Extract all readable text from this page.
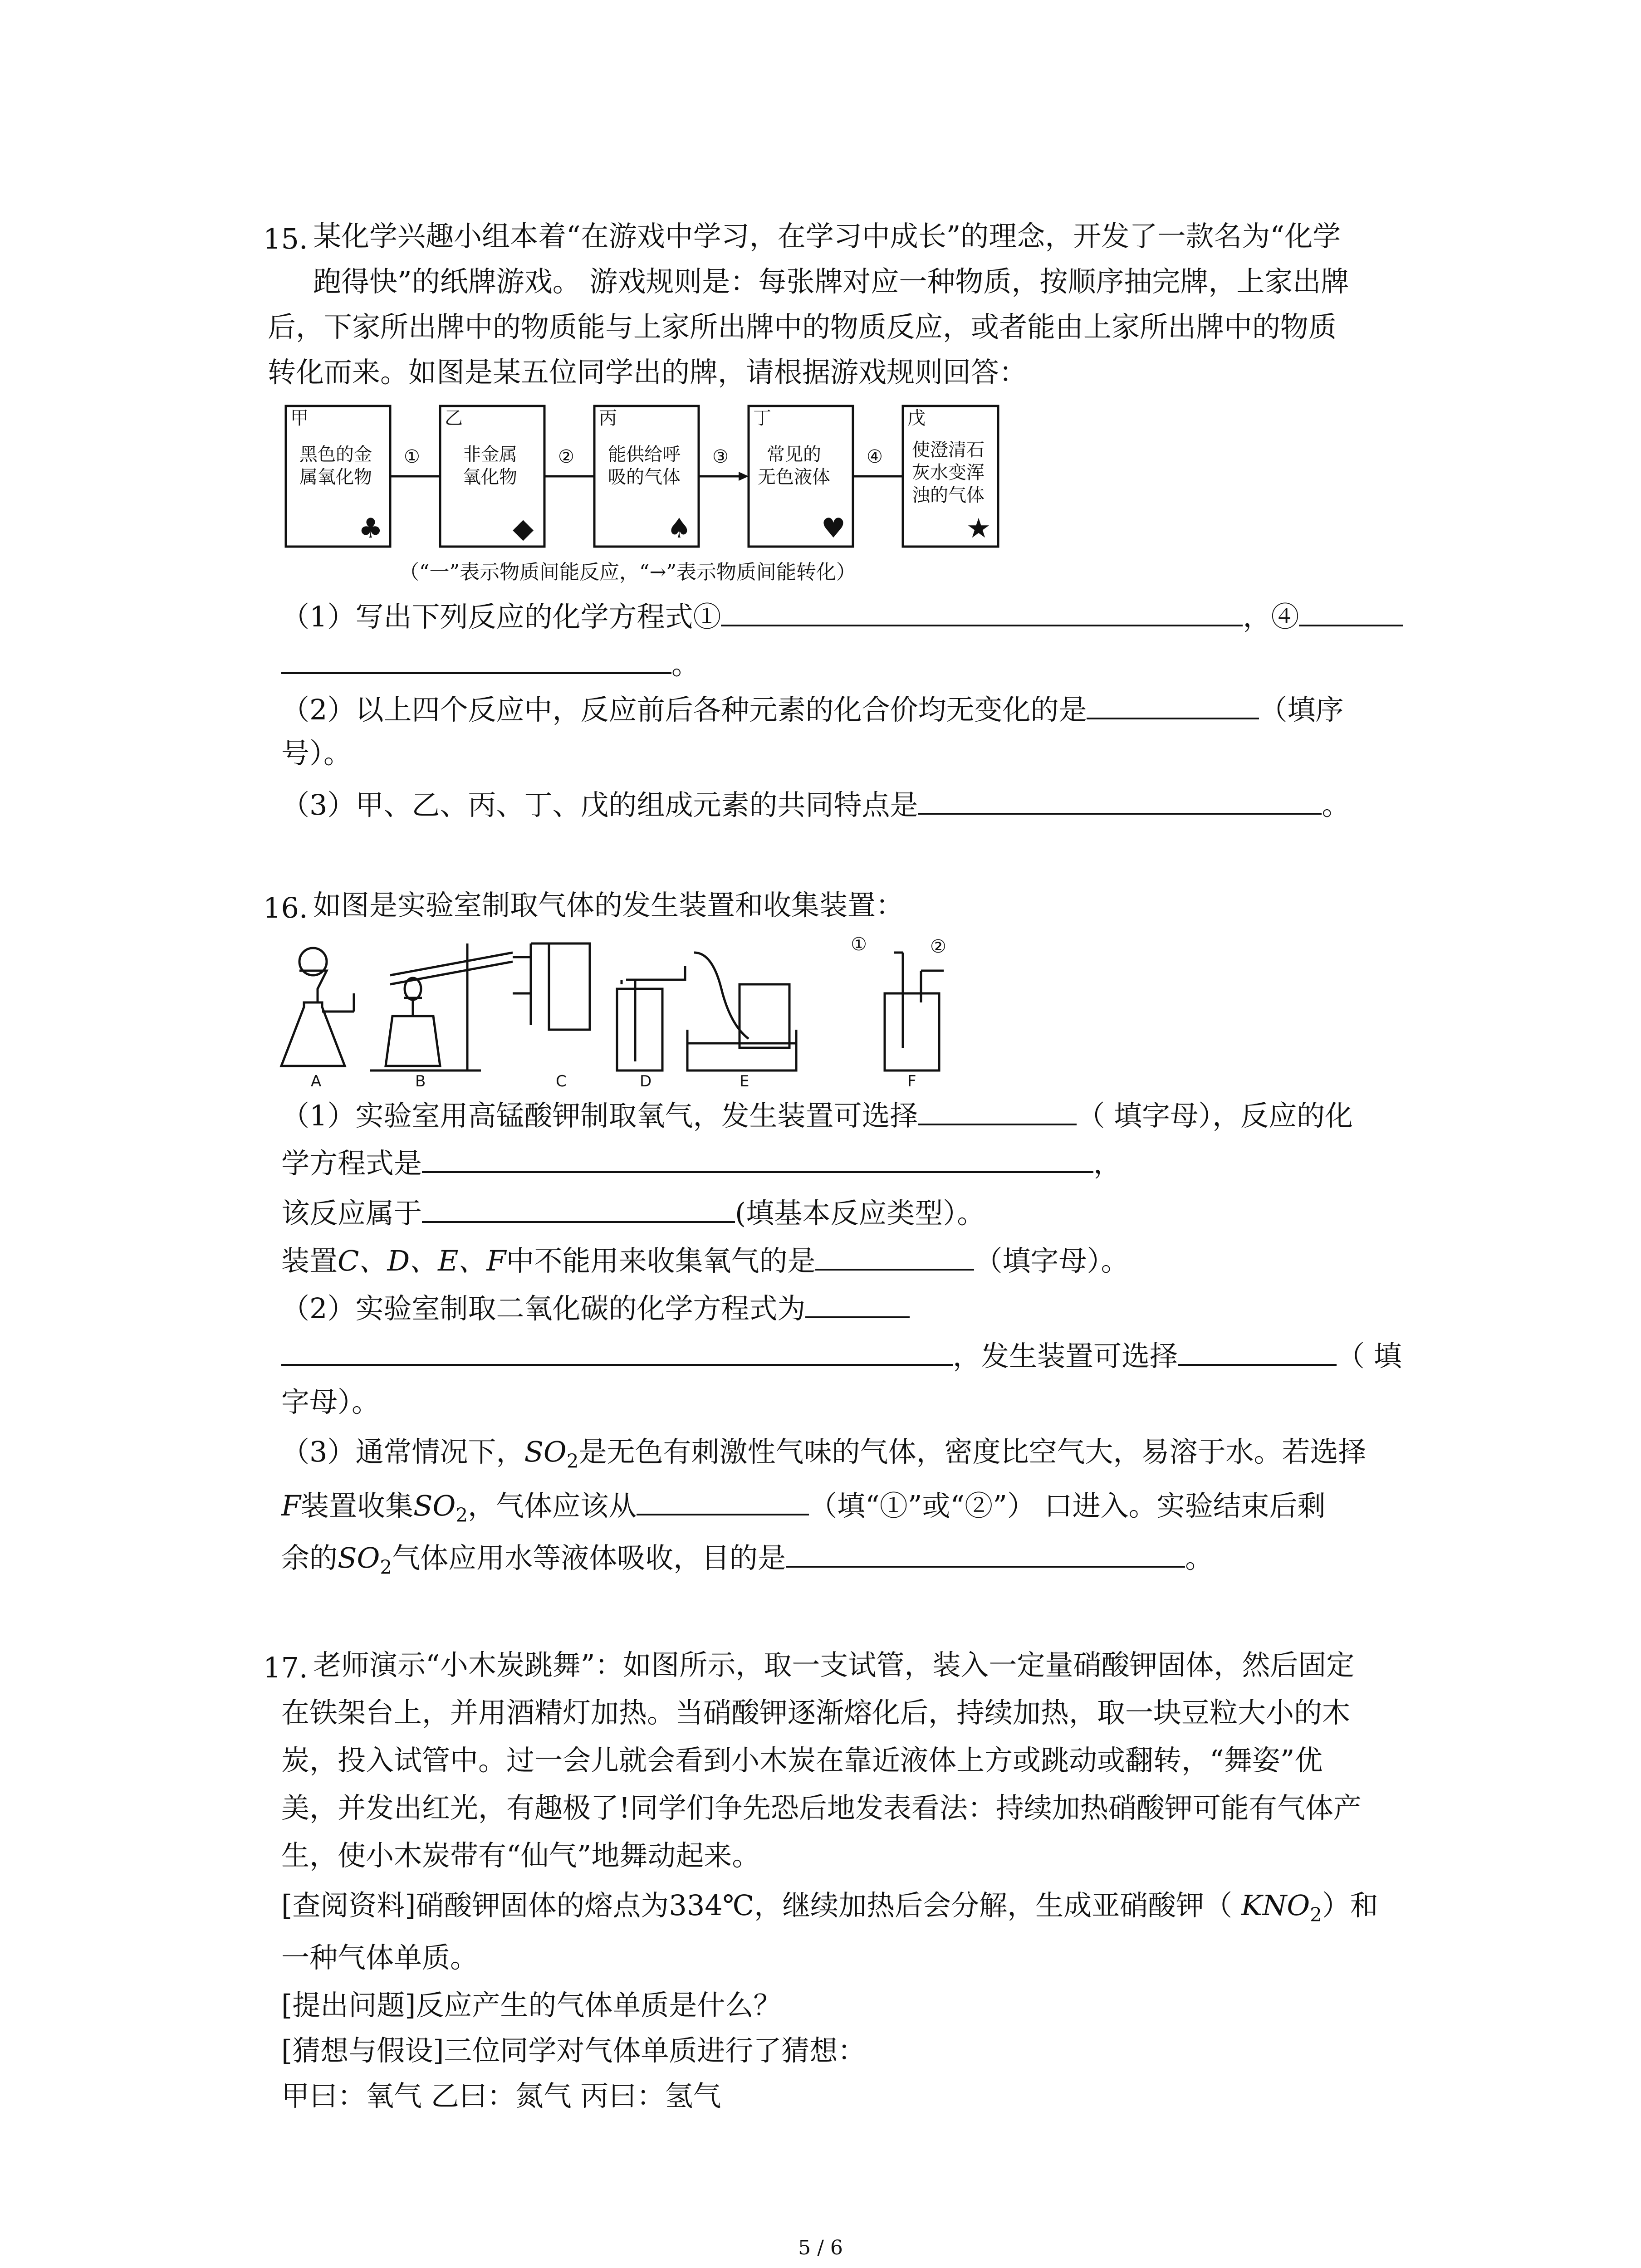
15. 某化学兴趣小组本着“在游戏中学习，在学习中成长”的理念，开发了一款名为“化学
跑得快”的纸牌游戏。 游戏规则是：每张牌对应一种物质，按顺序抽完牌，上家出牌
后，下家所出牌中的物质能与上家所出牌中的物质反应，或者能由上家所出牌中的物质
转化而来。如图是某五位同学出的牌，请根据游戏规则回答：
甲
黑色的金
属氧化物
♣
乙
非金属
氧化物
◆
丙
能供给呼
吸的气体
♠
丁
常见的
无色液体
♥
戊
使澄清石
灰水变浑
浊的气体
★
①	②	③	④
（“一”表示物质间能反应，“→”表示物质间能转化）
（1）写出下列反应的化学方程式①	，④
。
（2）以上四个反应中，反应前后各种元素的化合价均无变化的是	（填序
号）。
（3）甲、乙、丙、丁、戊的组成元素的共同特点是	。
16. 如图是实验室制取气体的发生装置和收集装置：
A	B	C	D	E	F
①	②
（1）实验室用高锰酸钾制取氧气，发生装置可选择	（ 填字母），反应的化
学方程式是	，
该反应属于	(填基本反应类型）。
装置C、D、E、F中不能用来收集氧气的是	（填字母）。
（2）实验室制取二氧化碳的化学方程式为
，发生装置可选择	（ 填
字母）。
（3）通常情况下，$SO_2$是无色有刺激性气味的气体，密度比空气大，易溶于水。若选择
F装置收集$SO_2$，气体应该从	（填“①”或“②”） 口进入。实验结束后剩
余的$SO_2$气体应用水等液体吸收，目的是	。
17. 老师演示“小木炭跳舞”：如图所示，取一支试管，装入一定量硝酸钾固体，然后固定
在铁架台上，并用酒精灯加热。当硝酸钾逐渐熔化后，持续加热，取一块豆粒大小的木
炭，投入试管中。过一会儿就会看到小木炭在靠近液体上方或跳动或翻转，“舞姿”优
美，并发出红光，有趣极了!同学们争先恐后地发表看法：持续加热硝酸钾可能有气体产
生，使小木炭带有“仙气”地舞动起来。
[查阅资料]硝酸钾固体的熔点为334℃，继续加热后会分解，生成亚硝酸钾（ $KNO_2$）和
一种气体单质。
[提出问题]反应产生的气体单质是什么？
[猜想与假设]三位同学对气体单质进行了猜想：
甲曰：氧气 乙曰：氮气 丙曰：氢气
5 / 6
